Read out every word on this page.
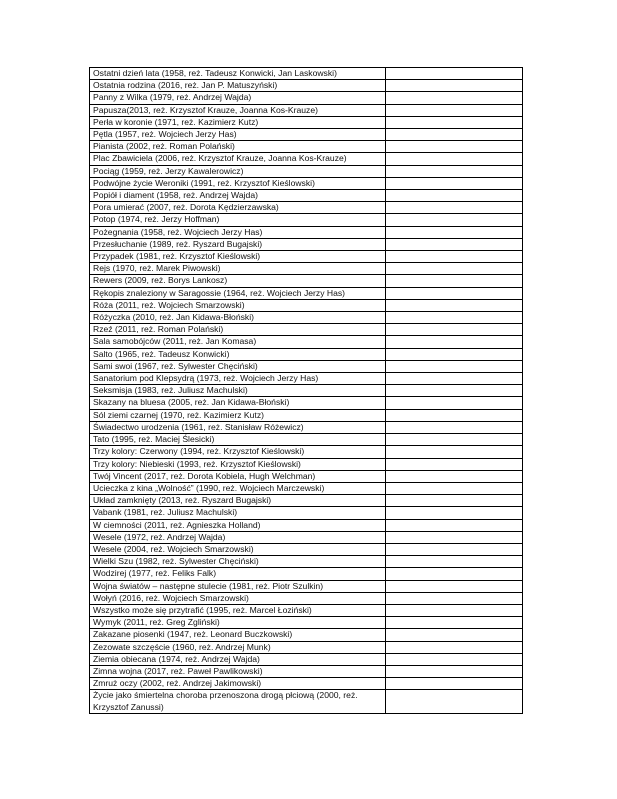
Ostatni dzień lata (1958, reż. Tadeusz Konwicki, Jan Laskowski)	
Ostatnia rodzina (2016, reż. Jan P. Matuszyński)	
Panny z Wilka (1979, reż. Andrzej Wajda)	
Papusza(2013, reż. Krzysztof Krauze, Joanna Kos-Krauze)	
Perła w koronie (1971, reż. Kazimierz Kutz)	
Pętla (1957, reż. Wojciech Jerzy Has)	
Pianista (2002, reż. Roman Polański)	
Plac Zbawiciela (2006, reż. Krzysztof Krauze, Joanna Kos-Krauze)	
Pociąg (1959, reż. Jerzy Kawalerowicz)	
Podwójne życie Weroniki (1991, reż. Krzysztof Kieślowski)	
Popiół i diament (1958, reż. Andrzej Wajda)	
Pora umierać (2007, reż. Dorota Kędzierzawska)	
Potop (1974, reż. Jerzy Hoffman)	
Pożegnania (1958, reż. Wojciech Jerzy Has)	
Przesłuchanie (1989, reż. Ryszard Bugajski)	
Przypadek (1981, reż. Krzysztof Kieślowski)	
Rejs (1970, reż. Marek Piwowski)	
Rewers (2009, reż. Borys Lankosz)	
Rękopis znaleziony w Saragossie (1964, reż. Wojciech Jerzy Has)	
Róża (2011, reż. Wojciech Smarzowski)	
Różyczka (2010, reż. Jan Kidawa-Błoński)	
Rzeź (2011, reż. Roman Polański)	
Sala samobójców (2011, reż. Jan Komasa)	
Salto (1965, reż. Tadeusz Konwicki)	
Sami swoi (1967, reż. Sylwester Chęciński)	
Sanatorium pod Klepsydrą (1973, reż. Wojciech Jerzy Has)	
Seksmisja (1983, reż. Juliusz Machulski)	
Skazany na bluesa (2005, reż. Jan Kidawa-Błoński)	
Sól ziemi czarnej (1970, reż. Kazimierz Kutz)	
Świadectwo urodzenia (1961, reż. Stanisław Różewicz)	
Tato (1995, reż. Maciej Ślesicki)	
Trzy kolory: Czerwony (1994, reż. Krzysztof Kieślowski)	
Trzy kolory: Niebieski (1993, reż. Krzysztof Kieślowski)	
Twój Vincent (2017, reż. Dorota Kobiela, Hugh Welchman)	
Ucieczka z kina „Wolność” (1990, reż. Wojciech Marczewski)	
Układ zamknięty (2013, reż. Ryszard Bugajski)	
Vabank (1981, reż. Juliusz Machulski)	
W ciemności (2011, reż. Agnieszka Holland)	
Wesele (1972, reż. Andrzej Wajda)	
Wesele (2004, reż. Wojciech Smarzowski)	
Wielki Szu (1982, reż. Sylwester Chęciński)	
Wodzirej (1977, reż. Feliks Falk)	
Wojna światów – następne stulecie (1981, reż. Piotr Szulkin)	
Wołyń (2016, reż. Wojciech Smarzowski)	
Wszystko może się przytrafić (1995, reż. Marcel Łoziński)	
Wymyk (2011, reż. Greg Zgliński)	
Zakazane piosenki (1947, reż. Leonard Buczkowski)	
Zezowate szczęście (1960, reż. Andrzej Munk)	
Ziemia obiecana (1974, reż. Andrzej Wajda)	
Zimna wojna (2017, reż. Paweł Pawlikowski)	
Zmruż oczy (2002, reż. Andrzej Jakimowski)	
Życie jako śmiertelna choroba przenoszona drogą płciową (2000, reż. Krzysztof Zanussi)	
